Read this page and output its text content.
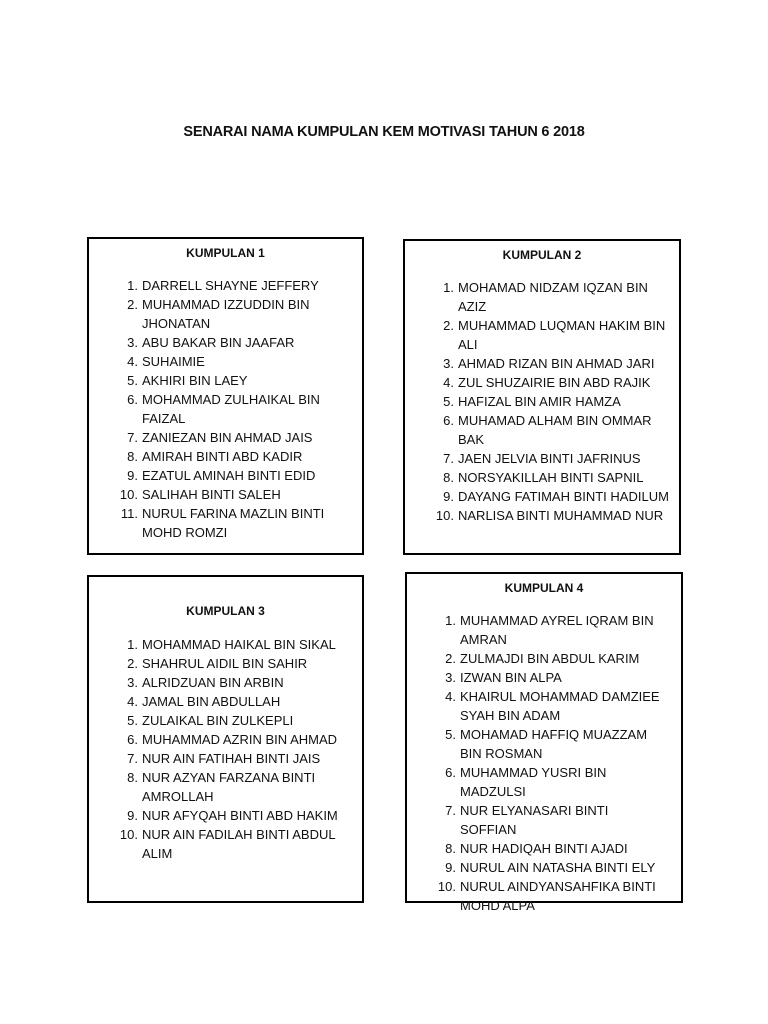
SENARAI NAMA KUMPULAN KEM MOTIVASI TAHUN 6 2018
KUMPULAN 1
1. DARRELL SHAYNE JEFFERY
2. MUHAMMAD IZZUDDIN BIN JHONATAN
3. ABU BAKAR BIN JAAFAR
4. SUHAIMIE
5. AKHIRI BIN LAEY
6. MOHAMMAD ZULHAIKAL BIN FAIZAL
7. ZANIEZAN BIN AHMAD JAIS
8. AMIRAH BINTI ABD KADIR
9. EZATUL AMINAH BINTI EDID
10. SALIHAH BINTI SALEH
11. NURUL FARINA MAZLIN BINTI MOHD ROMZI
KUMPULAN 2
1. MOHAMAD NIDZAM IQZAN BIN AZIZ
2. MUHAMMAD LUQMAN HAKIM BIN ALI
3. AHMAD RIZAN BIN AHMAD JARI
4. ZUL SHUZAIRIE BIN ABD RAJIK
5. HAFIZAL BIN AMIR HAMZA
6. MUHAMAD ALHAM BIN OMMAR BAK
7. JAEN JELVIA BINTI JAFRINUS
8. NORSYAKILLAH BINTI SAPNIL
9. DAYANG FATIMAH BINTI HADILUM
10. NARLISA BINTI MUHAMMAD NUR
KUMPULAN 3
1. MOHAMMAD HAIKAL BIN SIKAL
2. SHAHRUL AIDIL BIN SAHIR
3. ALRIDZUAN BIN ARBIN
4. JAMAL BIN ABDULLAH
5. ZULAIKAL BIN ZULKEPLI
6. MUHAMMAD AZRIN BIN AHMAD
7. NUR AIN FATIHAH BINTI JAIS
8. NUR AZYAN FARZANA BINTI AMROLLAH
9. NUR AFYQAH BINTI ABD HAKIM
10. NUR AIN FADILAH BINTI ABDUL ALIM
KUMPULAN 4
1. MUHAMMAD AYREL IQRAM BIN AMRAN
2. ZULMAJDI BIN ABDUL KARIM
3. IZWAN BIN ALPA
4. KHAIRUL MOHAMMAD DAMZIEE SYAH BIN ADAM
5. MOHAMAD HAFFIQ MUAZZAM BIN ROSMAN
6. MUHAMMAD YUSRI BIN MADZULSI
7. NUR ELYANASARI BINTI SOFFIAN
8. NUR HADIQAH BINTI AJADI
9. NURUL AIN NATASHA BINTI ELY
10. NURUL AINDYANSAHFIKA BINTI MOHD ALPA
